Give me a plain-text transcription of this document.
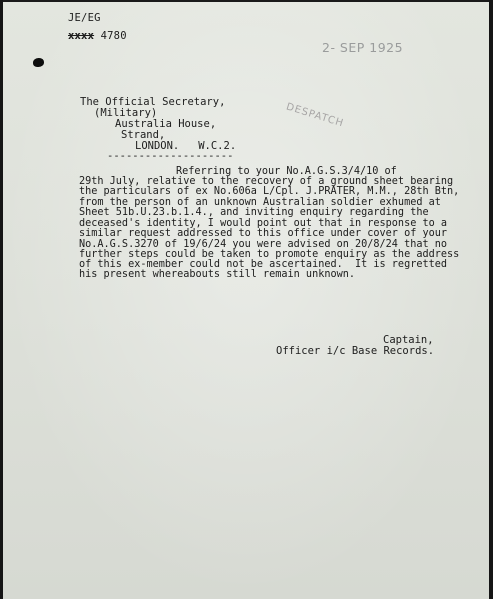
JE/EG
xxxx 4780
2- SEP 1925
The Official Secretary,
(Military)
Australia House,
Strand,
LONDON.   W.C.2.
--------------------
DESPATCH
Referring to your No.A.G.S.3/4/10 of
29th July, relative to the recovery of a ground sheet bearing
the particulars of ex No.606a L/Cpl. J.PRATER, M.M., 28th Btn,
from the person of an unknown Australian soldier exhumed at
Sheet 51b.U.23.b.1.4., and inviting enquiry regarding the
deceased's identity, I would point out that in response to a
similar request addressed to this office under cover of your
No.A.G.S.3270 of 19/6/24 you were advised on 20/8/24 that no
further steps could be taken to promote enquiry as the address
of this ex-member could not be ascertained.  It is regretted
his present whereabouts still remain unknown.
Captain,
Officer i/c Base Records.
